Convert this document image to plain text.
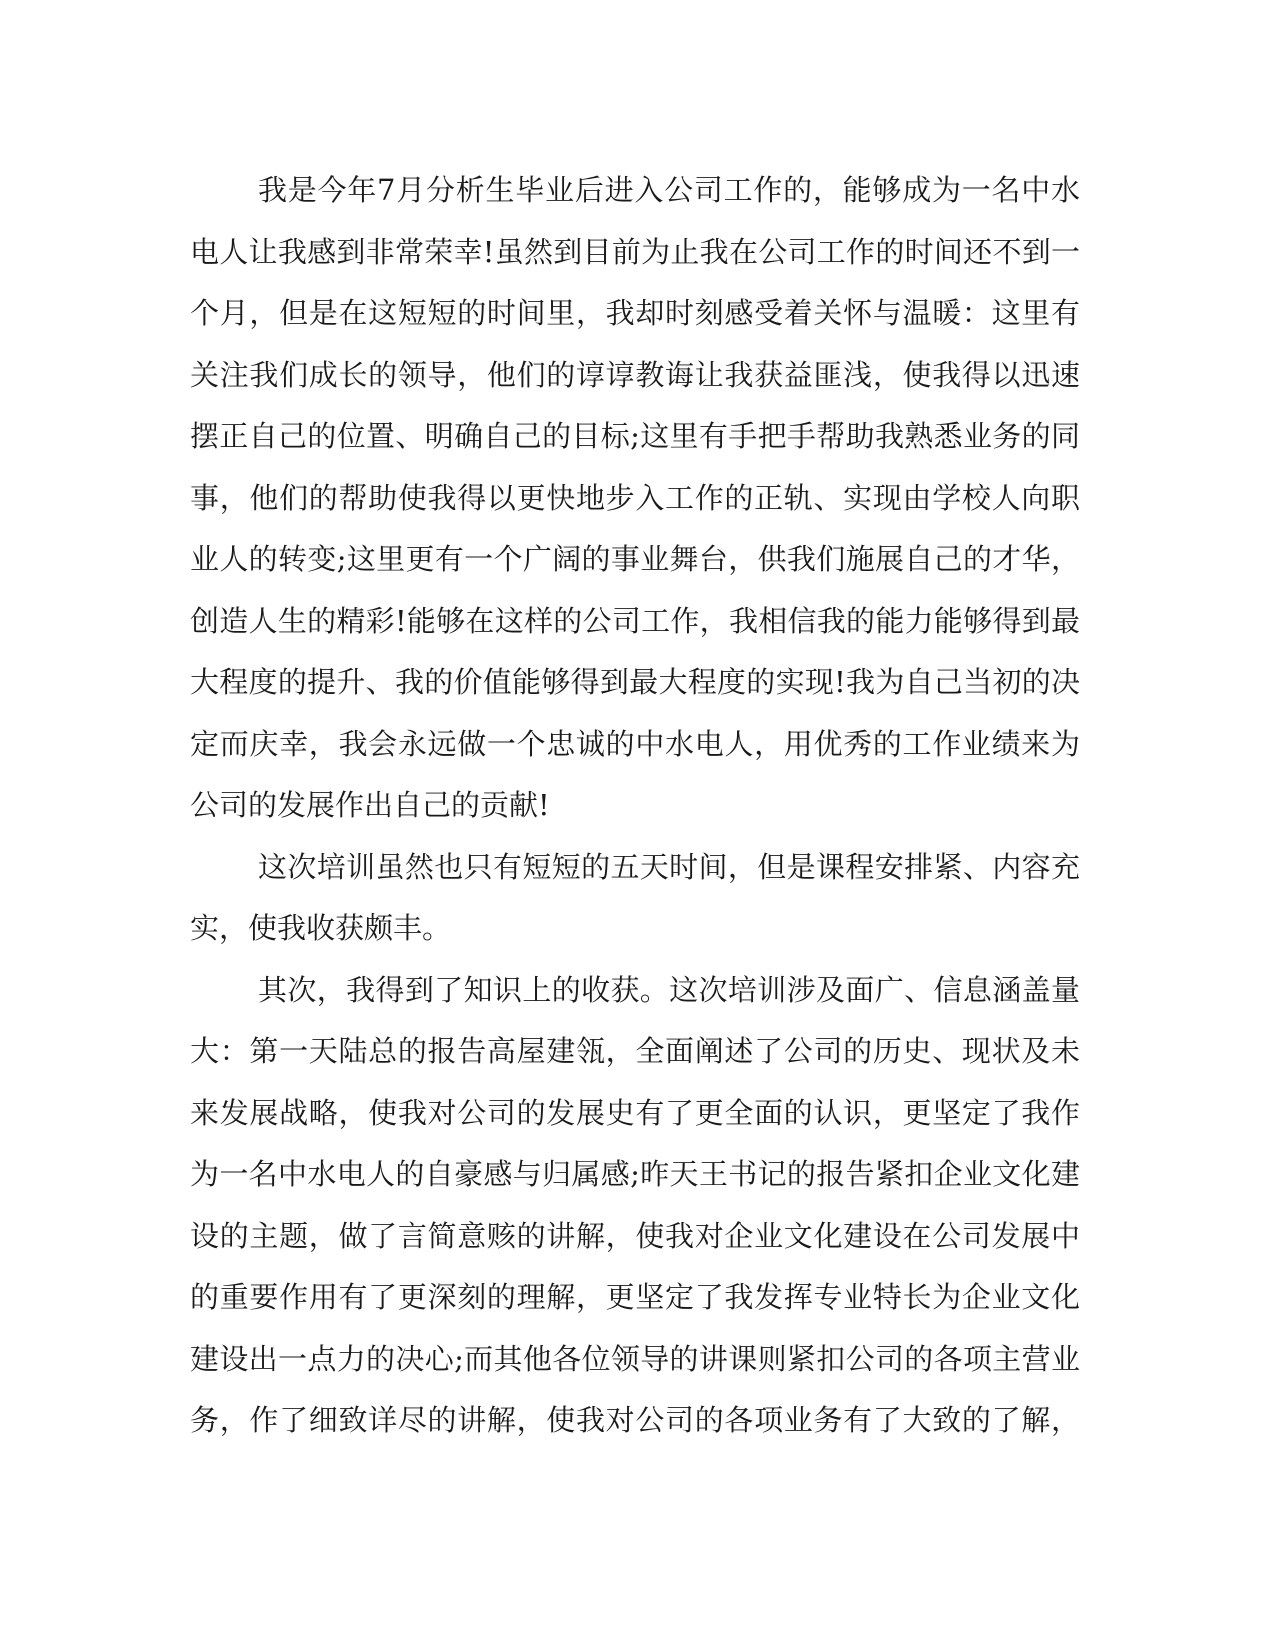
我是今年7月分析生毕业后进入公司工作的，能够成为一名中水
电人让我感到非常荣幸!虽然到目前为止我在公司工作的时间还不到一
个月，但是在这短短的时间里，我却时刻感受着关怀与温暖：这里有
关注我们成长的领导，他们的谆谆教诲让我获益匪浅，使我得以迅速
摆正自己的位置、明确自己的目标;这里有手把手帮助我熟悉业务的同
事，他们的帮助使我得以更快地步入工作的正轨、实现由学校人向职
业人的转变;这里更有一个广阔的事业舞台，供我们施展自己的才华，
创造人生的精彩!能够在这样的公司工作，我相信我的能力能够得到最
大程度的提升、我的价值能够得到最大程度的实现!我为自己当初的决
定而庆幸，我会永远做一个忠诚的中水电人，用优秀的工作业绩来为
公司的发展作出自己的贡献!
这次培训虽然也只有短短的五天时间，但是课程安排紧、内容充
实，使我收获颇丰。
其次，我得到了知识上的收获。这次培训涉及面广、信息涵盖量
大：第一天陆总的报告高屋建瓴，全面阐述了公司的历史、现状及未
来发展战略，使我对公司的发展史有了更全面的认识，更坚定了我作
为一名中水电人的自豪感与归属感;昨天王书记的报告紧扣企业文化建
设的主题，做了言简意赅的讲解，使我对企业文化建设在公司发展中
的重要作用有了更深刻的理解，更坚定了我发挥专业特长为企业文化
建设出一点力的决心;而其他各位领导的讲课则紧扣公司的各项主营业
务，作了细致详尽的讲解，使我对公司的各项业务有了大致的了解，
